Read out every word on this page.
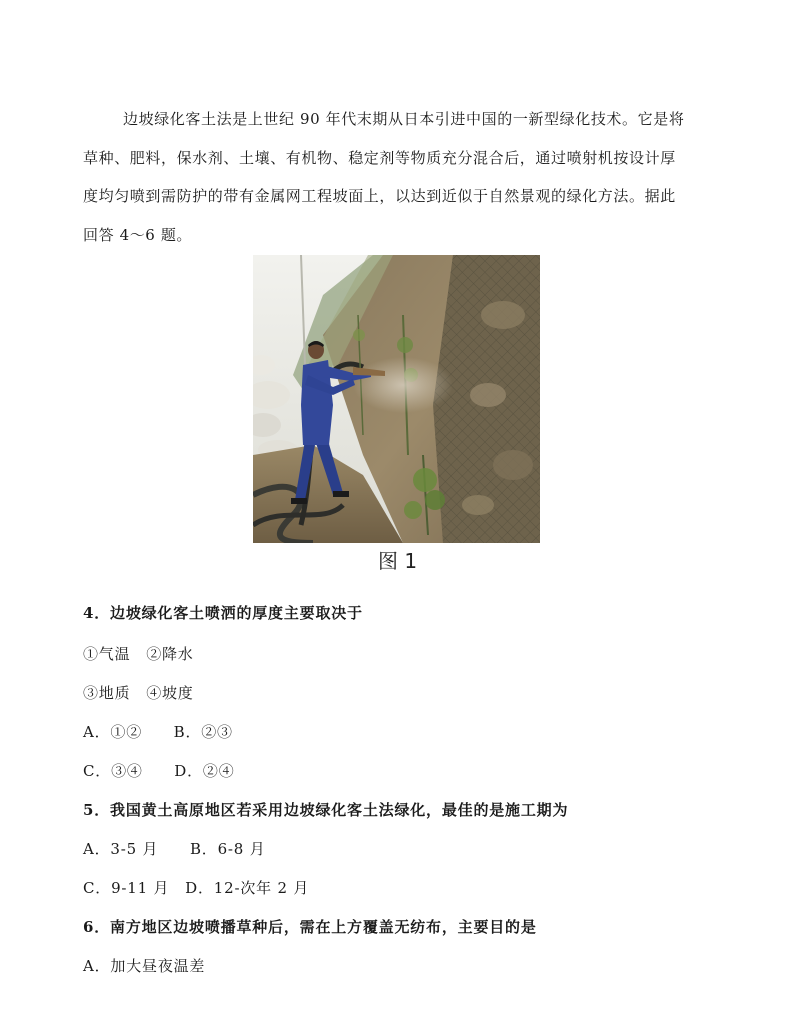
边坡绿化客土法是上世纪 90 年代末期从日本引进中国的一新型绿化技术。它是将
草种、肥料，保水剂、土壤、有机物、稳定剂等物质充分混合后，通过喷射机按设计厚
度均匀喷到需防护的带有金属网工程坡面上，以达到近似于自然景观的绿化方法。据此
回答 4～6 题。
图 1
4．边坡绿化客土喷洒的厚度主要取决于
①气温　②降水
③地质　④坡度
A．①②　　B．②③
C．③④　　D．②④
5．我国黄土高原地区若采用边坡绿化客土法绿化，最佳的是施工期为
A．3-5 月　　B．6-8 月
C．9-11 月　D．12-次年 2 月
6．南方地区边坡喷播草种后，需在上方覆盖无纺布，主要目的是
A．加大昼夜温差
